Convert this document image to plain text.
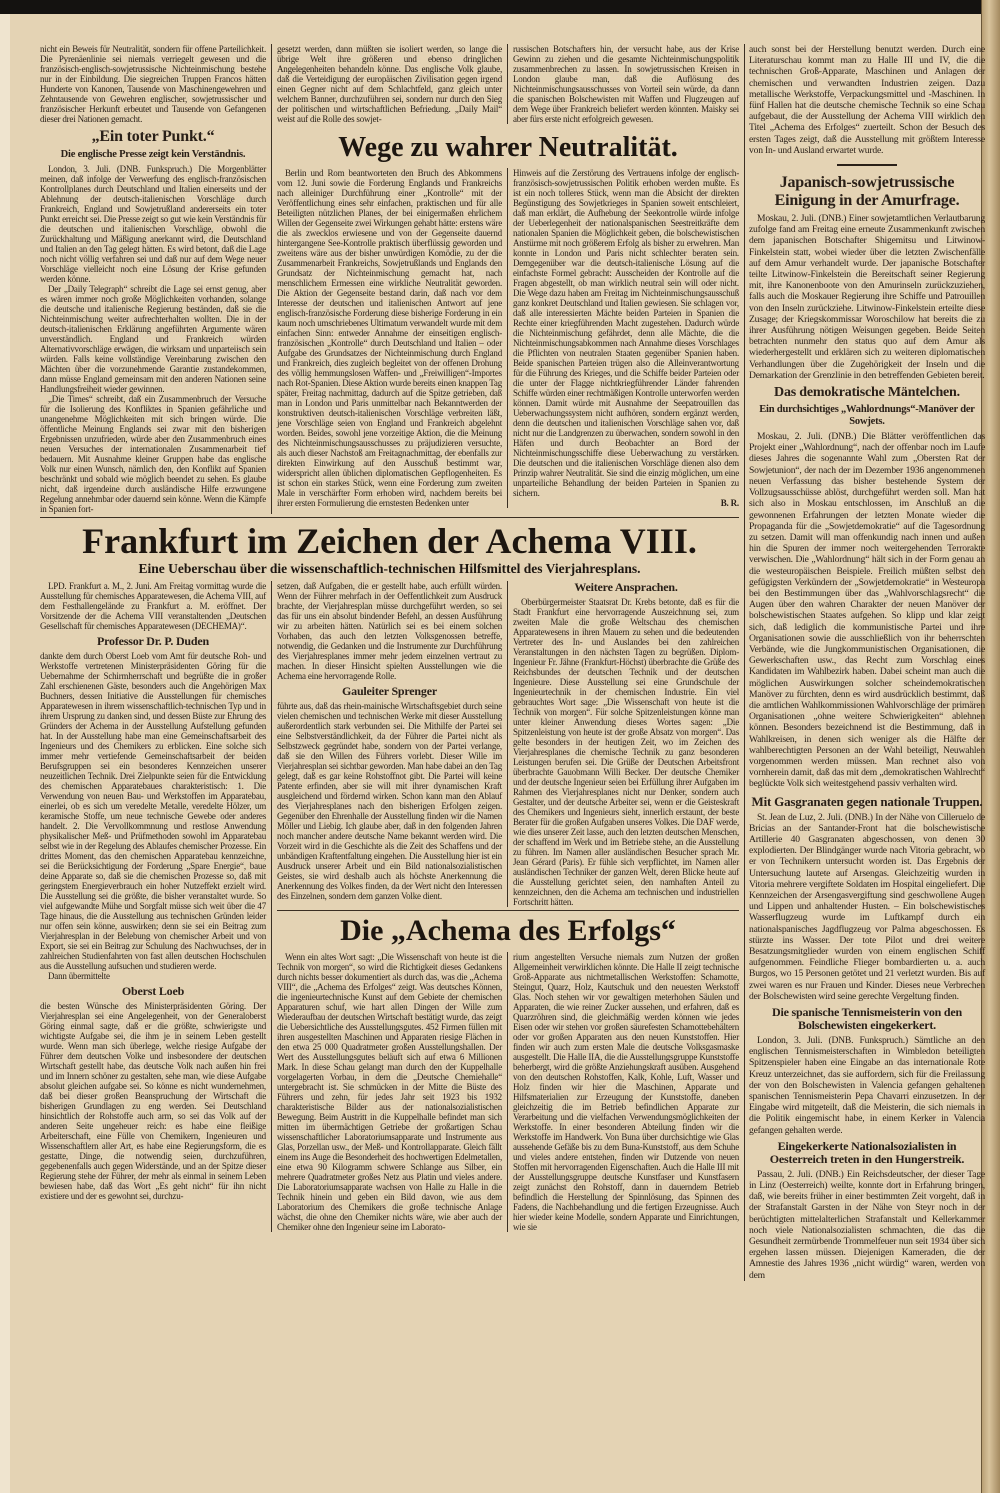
nicht ein Beweis für Neutralität, sondern für offene Parteilichkeit. Die Pyrenäenlinie sei niemals verriegelt gewesen und die französisch-englisch-sowjetrussische Nichteinmischung bestehe nur in der Einbildung. Die siegreichen Truppen Francos hätten Hunderte von Kanonen, Tausende von Maschinengewehren und Zehntausende von Gewehren englischer, sowjetrussischer und französischer Herkunft erbeutet und Tausende von Gefangenen dieser drei Nationen gemacht.

„Ein toter Punkt.“
Die englische Presse zeigt kein Verständnis.

London, 3. Juli. (DNB. Funkspruch.) Die Morgenblätter meinen, daß infolge der Verwerfung des englisch-französischen Kontrollplanes durch Deutschland und Italien einerseits und der Ablehnung der deutsch-italienischen Vorschläge durch Frankreich, England und Sowjetrußland andererseits ein toter Punkt erreicht sei. Die Presse zeigt so gut wie kein Verständnis für die deutschen und italienischen Vorschläge, obwohl die Zurückhaltung und Mäßigung anerkannt wird, die Deutschland und Italien an den Tag gelegt hätten. Es wird betont, daß die Lage noch nicht völlig verfahren sei und daß nur auf dem Wege neuer Vorschläge vielleicht noch eine Lösung der Krise gefunden werden könne.

Der „Daily Telegraph“ schreibt die Lage sei ernst genug, aber es wären immer noch große Möglichkeiten vorhanden, solange die deutsche und italienische Regierung beständen, daß sie die Nichteinmischung weiter aufrechterhalten wollten. Die in der deutsch-italienischen Erklärung angeführten Argumente wären unverständlich. England und Frankreich würden Alternativvorschläge erwägen, die wirksam und unparteiisch sein würden. Falls keine vollständige Vereinbarung zwischen den Mächten über die vorzunehmende Garantie zustandekommen, dann müsse England gemeinsam mit den anderen Nationen seine Handlungsfreiheit wieder gewinnen.

„Die Times“ schreibt, daß ein Zusammenbruch der Versuche für die Isolierung des Konfliktes in Spanien gefährliche und unangenehme Möglichkeiten mit sich bringen würde. Die öffentliche Meinung Englands sei zwar mit den bisherigen Ergebnissen unzufrieden, würde aber den Zusammenbruch eines neuen Versuches der internationalen Zusammenarbeit tief bedauern. Mit Ausnahme kleiner Gruppen habe das englische Volk nur einen Wunsch, nämlich den, den Konflikt auf Spanien beschränkt und sobald wie möglich beendet zu sehen. Es glaube nicht, daß irgendeine durch ausländische Hilfe erzwungene Regelung annehmbar oder dauernd sein könne. Wenn die Kämpfe in Spanien fort-

gesetzt werden, dann müßten sie isoliert werden, so lange die übrige Welt ihre größeren und ebenso dringlichen Angelegenheiten behandeln könne. Das englische Volk glaube, daß die Verteidigung der europäischen Zivilisation gegen irgend einen Gegner nicht auf dem Schlachtfeld, ganz gleich unter welchem Banner, durchzuführen sei, sondern nur durch den Sieg der politischen und wirtschaftlichen Befriedung. „Daily Mail“ weist auf die Rolle des sowjet-

russischen Botschafters hin, der versucht habe, aus der Krise Gewinn zu ziehen und die gesamte Nichteinmischungspolitik zusammenbrechen zu lassen. In sowjetrussischen Kreisen in London glaube man, daß die Auflösung des Nichteinmischungsausschusses von Vorteil sein würde, da dann die spanischen Bolschewisten mit Waffen und Flugzeugen auf dem Wege über Frankreich beliefert werden könnten. Maisky sei aber fürs erste nicht erfolgreich gewesen.

Wege zu wahrer Neutralität.

Berlin und Rom beantworteten den Bruch des Abkommens vom 12. Juni sowie die Forderung Englands und Frankreichs nach alleiniger Durchführung einer „Kontrolle“ mit der Veröffentlichung eines sehr einfachen, praktischen und für alle Beteiligten nützlichen Planes, der bei einigermaßen ehrlichem Willen der Gegenseite zwei Wirkungen gehabt hätte: erstens wäre die als zwecklos erwiesene und von der Gegenseite dauernd hintergangene See-Kontrolle praktisch überflüssig geworden und zweitens wäre aus der bisher unwürdigen Komödie, zu der die Zusammenarbeit Frankreichs, Sowjetrußlands und Englands den Grundsatz der Nichteinmischung gemacht hat, nach menschlichem Ermessen eine wirkliche Neutralität geworden. Die Aktion der Gegenseite bestand darin, daß nach vor dem Interesse der deutschen und italienischen Antwort auf jene englisch-französische Forderung diese bisherige Forderung in ein kaum noch umschriebenes Ultimatum verwandelt wurde mit dem einfachen Sinn: entweder Annahme der einseitigen englisch-französischen „Kontrolle“ durch Deutschland und Italien – oder Aufgabe des Grundsatzes der Nichteinmischung durch England und Frankreich, dies zugleich begleitet von der offenen Drohung des völlig hemmungslosen Waffen- und „Freiwilligen“-Importes nach Rot-Spanien. Diese Aktion wurde bereits einen knappen Tag später, Freitag nachmittag, dadurch auf die Spitze getrieben, daß man in London und Paris unmittelbar nach Bekanntwerden der konstruktiven deutsch-italienischen Vorschläge verbreiten läßt, jene Vorschläge seien von England und Frankreich abgelehnt worden. Beides, sowohl jene vorzeitige Aktion, die die Meinung des Nichteinmischungsausschusses zu präjudizieren versuchte, als auch dieser Nachstoß am Freitagnachmittag, der ebenfalls zur direkten Einwirkung auf den Ausschuß bestimmt war, widerspricht allen üblichen diplomatischen Gepflogenheiten. Es ist schon ein starkes Stück, wenn eine Forderung zum zweiten Male in verschärfter Form erhoben wird, nachdem bereits bei ihrer ersten Formulierung die ernstesten Bedenken unter

Hinweis auf die Zerstörung des Vertrauens infolge der englisch-französisch-sowjetrussischen Politik erhoben werden mußte. Es ist ein noch tolleres Stück, wenn man die Absicht der direkten Begünstigung des Sowjetkrieges in Spanien soweit entschleiert, daß man erklärt, die Aufhebung der Seekontrolle würde infolge der Ueberlegenheit der nationalspanischen Seestreitkräfte dem nationalen Spanien die Möglichkeit geben, die bolschewistischen Anstürme mit noch größerem Erfolg als bisher zu erwehren. Man konnte in London und Paris nicht schlechter beraten sein. Demgegenüber war die deutsch-italienische Lösung auf die einfachste Formel gebracht: Ausscheiden der Kontrolle auf die Fragen abgestellt, ob man wirklich neutral sein will oder nicht. Die Wege dazu haben am Freitag im Nichteinmischungsausschuß ganz konkret Deutschland und Italien gewiesen. Sie schlagen vor, daß alle interessierten Mächte beiden Parteien in Spanien die Rechte einer kriegführenden Macht zugestehen. Dadurch würde die Nichteinmischung gefährdet, denn alle Mächte, die die Nichteinmischungsabkommen nach Annahme dieses Vorschlages die Pflichten von neutralen Staaten gegenüber Spanien haben. Beide spanischen Parteien trügen also die Alleinverantwortung für die Führung des Krieges, und die Schiffe beider Parteien oder die unter der Flagge nichtkriegführender Länder fahrenden Schiffe würden einer rechtmäßigen Kontrolle unterworfen werden können. Damit würde mit Ausnahme der Seepatrouillen das Ueberwachungssystem nicht aufhören, sondern ergänzt werden, denn die deutschen und italienischen Vorschläge sahen vor, daß nicht nur die Landgrenzen zu überwachen, sondern sowohl in den Häfen und durch Beobachter an Bord der Nichteinmischungsschiffe diese Ueberwachung zu verstärken. Die deutschen und die italienischen Vorschläge dienen also dem Prinzip wahrer Neutralität. Sie sind die einzig möglichen, um eine unparteiliche Behandlung der beiden Parteien in Spanien zu sichern.

B. R.
Frankfurt im Zeichen der Achema VIII.
Eine Ueberschau über die wissenschaftlich-technischen Hilfsmittel des Vierjahresplans.

LPD. Frankfurt a. M., 2. Juni. Am Freitag vormittag wurde die Ausstellung für chemisches Apparatewesen, die Achema VIII, auf dem Festhallengelände zu Frankfurt a. M. eröffnet. Der Vorsitzende der die Achema VIII veranstaltenden „Deutschen Gesellschaft für chemisches Apparatewesen (DECHEMA)“.

Professor Dr. P. Duden

dankte dem durch Oberst Loeb vom Amt für deutsche Roh- und Werkstoffe vertretenen Ministerpräsidenten Göring für die Uebernahme der Schirmherrschaft und begrüßte die in großer Zahl erschienenen Gäste, besonders auch die Angehörigen Max Buchners, dessen Initiative die Ausstellungen für chemisches Apparatewesen in ihrem wissenschaftlich-technischen Typ und in ihrem Ursprung zu danken sind, und dessen Büste zur Ehrung des Gründers der Achema in der Ausstellung Aufstellung gefunden hat. In der Ausstellung habe man eine Gemeinschaftsarbeit des Ingenieurs und des Chemikers zu erblicken. Eine solche sich immer mehr vertiefende Gemeinschaftsarbeit der beiden Berufsgruppen sei ein besonderes Kennzeichen unserer neuzeitlichen Technik. Drei Zielpunkte seien für die Entwicklung des chemischen Apparatebaues charakteristisch: 1. Die Verwendung von neuen Bau- und Werkstoffen im Apparatebau, einerlei, ob es sich um veredelte Metalle, veredelte Hölzer, um keramische Stoffe, um neue technische Gewebe oder anderes handelt. 2. Die Vervollkommnung und restlose Anwendung physikalischer Meß- und Prüfmethoden sowohl im Apparatebau selbst wie in der Regelung des Ablaufes chemischer Prozesse. Ein drittes Moment, das den chemischen Apparatebau kennzeichne, sei die Berücksichtigung der Forderung „Spare Energie“, baue deine Apparate so, daß sie die chemischen Prozesse so, daß mit geringstem Energieverbrauch ein hoher Nutzeffekt erzielt wird. Die Ausstellung sei die größte, die bisher veranstaltet wurde. So viel aufgewandte Mühe und Sorgfalt müsse sich weit über die 47 Tage hinaus, die die Ausstellung aus technischen Gründen leider nur offen sein könne, auswirken; denn sie sei ein Beitrag zum Vierjahresplan in der Belebung von chemischer Arbeit und von Export, sie sei ein Beitrag zur Schulung des Nachwuchses, der in zahlreichen Studienfahrten von fast allen deutschen Hochschulen aus die Ausstellung aufsuchen und studieren werde.

Dann übermittelte

Oberst Loeb

die besten Wünsche des Ministerpräsidenten Göring. Der Vierjahresplan sei eine Angelegenheit, von der Generaloberst Göring einmal sagte, daß er die größte, schwierigste und wichtigste Aufgabe sei, die ihm je in seinem Leben gestellt wurde. Wenn man sich überlege, welche riesige Aufgabe der Führer dem deutschen Volke und insbesondere der deutschen Wirtschaft gestellt habe, das deutsche Volk nach außen hin frei und im Innern schöner zu gestalten, sehe man, wie diese Aufgabe absolut gleichen aufgabe sei. So könne es nicht wundernehmen, daß bei dieser großen Beanspruchung der Wirtschaft die bisherigen Grundlagen zu eng werden. Sei Deutschland hinsichtlich der Rohstoffe auch arm, so sei das Volk auf der anderen Seite ungeheuer reich: es habe eine fleißige Arbeiterschaft, eine Fülle von Chemikern, Ingenieuren und Wissenschaftlern aller Art, es habe eine Regierungsform, die es gestatte, Dinge, die notwendig seien, durchzuführen, gegebenenfalls auch gegen Widerstände, und an der Spitze dieser Regierung stehe der Führer, der mehr als einmal in seinem Leben bewiesen habe, daß das Wort „Es geht nicht“ für ihn nicht existiere und der es gewohnt sei, durchzu-

setzen, daß Aufgaben, die er gestellt habe, auch erfüllt würden. Wenn der Führer mehrfach in der Oeffentlichkeit zum Ausdruck brachte, der Vierjahresplan müsse durchgeführt werden, so sei das für uns ein absolut bindender Befehl, an dessen Ausführung wir zu arbeiten hätten. Natürlich sei es bei einem solchen Vorhaben, das auch den letzten Volksgenossen betreffe, notwendig, die Gedanken und die Instrumente zur Durchführung des Vierjahresplanes immer mehr jedem einzelnen vertraut zu machen. In dieser Hinsicht spielten Ausstellungen wie die Achema eine hervorragende Rolle.

Gauleiter Sprenger

führte aus, daß das rhein-mainische Wirtschaftsgebiet durch seine vielen chemischen und technischen Werke mit dieser Ausstellung außerordentlich stark verbunden sei. Die Mithilfe der Partei sei eine Selbstverständlichkeit, da der Führer die Partei nicht als Selbstzweck gegründet habe, sondern von der Partei verlange, daß sie den Willen des Führers vorlebt. Dieser Wille im Vierjahresplan sei sichtbar geworden. Man habe dabei an den Tag gelegt, daß es gar keine Rohstoffnot gibt. Die Partei will keine Patente erfinden, aber sie will mit ihrer dynamischen Kraft ausgleichend und fördernd wirken. Schon kann man den Ablauf des Vierjahresplanes nach den bisherigen Erfolgen zeigen. Gegenüber den Ehrenhalle der Ausstellung finden wir die Namen Möller und Liebig. Ich glaube aber, daß in den folgenden Jahren noch mancher andere deutsche Name bekannt werden wird. Die Vorzeit wird in die Geschichte als die Zeit des Schaffens und der unbändigen Kraftentfaltung eingehen. Die Ausstellung hier ist ein Ausdruck unserer Arbeit und ein Bild nationalsozialistischen Geistes, sie wird deshalb auch als höchste Anerkennung die Anerkennung des Volkes finden, da der Wert nicht den Interessen des Einzelnen, sondern dem ganzen Volke dient.

Weitere Ansprachen.

Oberbürgermeister Staatsrat Dr. Krebs betonte, daß es für die Stadt Frankfurt eine hervorragende Auszeichnung sei, zum zweiten Male die große Weltschau des chemischen Apparatewesens in ihren Mauern zu sehen und die bedeutenden Vertreter des In- und Auslandes bei den zahlreichen Veranstaltungen in den nächsten Tagen zu begrüßen. Diplom-Ingenieur Fr. Jähne (Frankfurt-Höchst) überbrachte die Grüße des Reichsbundes der deutschen Technik und der deutschen Ingenieure. Diese Ausstellung sei eine Grundschule der Ingenieurtechnik in der chemischen Industrie. Ein viel gebrauchtes Wort sage: „Die Wissenschaft von heute ist die Technik von morgen“. Für solche Spitzenleistungen könne man unter kleiner Anwendung dieses Wortes sagen: „Die Spitzenleistung von heute ist der große Absatz von morgen“. Das gelte besonders in der heutigen Zeit, wo im Zeichen des Vierjahresplanes die chemische Technik zu ganz besonderen Leistungen berufen sei. Die Grüße der Deutschen Arbeitsfront überbrachte Gauobmann Willi Becker. Der deutsche Chemiker und der deutsche Ingenieur seien bei Erfüllung ihrer Aufgaben im Rahmen des Vierjahresplanes nicht nur Denker, sondern auch Gestalter, und der deutsche Arbeiter sei, wenn er die Geisteskraft des Chemikers und Ingenieurs sieht, innerlich erstaunt, der beste Berater für die großen Aufgaben unseres Volkes. Die DAF werde, wie dies unserer Zeit lasse, auch den letzten deutschen Menschen, der schaffend im Werk und im Betriebe stehe, an die Ausstellung zu führen. Im Namen aller ausländischen Besucher sprach Mr. Jean Gérard (Paris). Er fühle sich verpflichtet, im Namen aller ausländischen Techniker der ganzen Welt, deren Blicke heute auf die Ausstellung gerichtet seien, den namhaften Anteil zu kennzeichnen, den die Achema am technischen und industriellen Fortschritt hätten.

Die „Achema des Erfolgs“

Wenn ein altes Wort sagt: „Die Wissenschaft von heute ist die Technik von morgen“, so wird die Richtigkeit dieses Gedankens durch nichts besser dokumentiert als durch das, was die „Achema VIII“, die „Achema des Erfolges“ zeigt. Was deutsches Können, die ingenieurtechnische Kunst auf dem Gebiete der chemischen Apparaturen schuf, wie hart allen Dingen der Wille zum Wiederaufbau der deutschen Wirtschaft bestätigt wurde, das zeigt die Uebersichtliche des Ausstellungsgutes. 452 Firmen füllen mit ihren ausgestellten Maschinen und Apparaten riesige Flächen in den etwa 25 000 Quadratmeter großen Ausstellungshallen. Der Wert des Ausstellungsgutes beläuft sich auf etwa 6 Millionen Mark. In diese Schau gelangt man durch den der Kuppelhalle vorgelagerten Vorbau, in dem die „Deutsche Chemiehalle“ untergebracht ist. Sie schmücken in der Mitte die Büste des Führers und zehn, für jedes Jahr seit 1923 bis 1932 charakteristische Bilder aus der nationalsozialistischen Bewegung. Beim Austritt in die Kuppelhalle befindet man sich mitten im übermächtigen Getriebe der großartigen Schau wissenschaftlicher Laboratoriumsapparate und Instrumente aus Glas, Porzellan usw., der Meß- und Kontrollapparate. Gleich fällt einem ins Auge die Besonderheit des hochwertigen Edelmetallen, eine etwa 90 Kilogramm schwere Schlange aus Silber, ein mehrere Quadratmeter großes Netz aus Platin und vieles andere. Die Laboratoriumsapparate wachsen von Halle zu Halle in die Technik hinein und geben ein Bild davon, wie aus dem Laboratorium des Chemikers die große technische Anlage wächst, die ohne den Chemiker nichts wäre, wie aber auch der Chemiker ohne den Ingenieur seine im Laborato-

rium angestellten Versuche niemals zum Nutzen der großen Allgemeinheit verwirklichen könnte. Die Halle II zeigt technische Groß-Apparate aus nichtmetallischen Werkstoffen: Schamotte, Steingut, Quarz, Holz, Kautschuk und den neuesten Werkstoff Glas. Noch stehen wir vor gewaltigen meterhohen Säulen und Apparaten, die wie reiner Zucker aussehen, und erfahren, daß es Quarzröhren sind, die gleichmäßig werden können wie jedes Eisen oder wir stehen vor großen säurefesten Schamottebehältern oder vor großen Apparaten aus den neuen Kunststoffen. Hier finden wir auch zum ersten Male die deutsche Volksgasmaske ausgestellt. Die Halle IIA, die die Ausstellungsgruppe Kunststoffe beherbergt, wird die größte Anziehungskraft ausüben. Ausgehend von den deutschen Rohstoffen, Kalk, Kohle, Luft, Wasser und Holz finden wir hier die Maschinen, Apparate und Hilfsmaterialien zur Erzeugung der Kunststoffe, daneben gleichzeitig die im Betrieb befindlichen Apparate zur Verarbeitung und die vielfachen Verwendungsmöglichkeiten der Werkstoffe. In einer besonderen Abteilung finden wir die Werkstoffe im Handwerk. Von Buna über durchsichtige wie Glas aussehende Gefäße bis zu dem Buna-Kunststoff, aus dem Schuhe und vieles andere entstehen, finden wir Dutzende von neuen Stoffen mit hervorragenden Eigenschaften. Auch die Halle III mit der Ausstellungsgruppe deutsche Kunstfaser und Kunstfasern zeigt zunächst den Rohstoff, dann in dauerndem Betrieb befindlich die Herstellung der Spinnlösung, das Spinnen des Fadens, die Nachbehandlung und die fertigen Erzeugnisse. Auch hier wieder keine Modelle, sondern Apparate und Einrichtungen, wie sie

auch sonst bei der Herstellung benutzt werden. Durch eine Literaturschau kommt man zu Halle III und IV, die die technischen Groß-Apparate, Maschinen und Anlagen der chemischen und verwandten Industrien zeigen. Dazu metallische Werkstoffe, Verpackungsmittel und -Maschinen. In fünf Hallen hat die deutsche chemische Technik so eine Schau aufgebaut, die der Ausstellung der Achema VIII wirklich den Titel „Achema des Erfolges“ zuerteilt. Schon der Besuch des ersten Tages zeigt, daß die Ausstellung mit größtem Interesse von In- und Ausland erwartet wurde.

Japanisch-sowjetrussische Einigung in der Amurfrage.

Moskau, 2. Juli. (DNB.) Einer sowjetamtlichen Verlautbarung zufolge fand am Freitag eine erneute Zusammenkunft zwischen dem japanischen Botschafter Shigemitsu und Litwinow-Finkelstein statt, wobei wieder über die letzten Zwischenfälle auf dem Amur verhandelt wurde. Der japanische Botschafter teilte Litwinow-Finkelstein die Bereitschaft seiner Regierung mit, ihre Kanonenboote von den Amurinseln zurückzuziehen, falls auch die Moskauer Regierung ihre Schiffe und Patrouillen von den Inseln zurückziehe. Litwinow-Finkelstein erteilte diese Zusage; der Kriegskommissar Woroschilow hat bereits die zu ihrer Ausführung nötigen Weisungen gegeben. Beide Seiten betrachten nunmehr den status quo auf dem Amur als wiederhergestellt und erklären sich zu weiteren diplomatischen Verhandlungen über die Zugehörigkeit der Inseln und die Demarkation der Grenzlinie in den betreffenden Gebieten bereit.

Das demokratische Mäntelchen.
Ein durchsichtiges „Wahlordnungs“-Manöver der Sowjets.

Moskau, 2. Juli. (DNB.) Die Blätter veröffentlichen das Projekt einer „Wahlordnung“, nach der offenbar noch im Laufe dieses Jahres die sogenannte Wahl zum „Obersten Rat der Sowjetunion“, der nach der im Dezember 1936 angenommenen neuen Verfassung das bisher bestehende System der Vollzugsausschüsse ablöst, durchgeführt werden soll. Man hat sich also in Moskau entschlossen, im Anschluß an die gewonnenen Erfahrungen der letzten Monate wieder die Propaganda für die „Sowjetdemokratie“ auf die Tagesordnung zu setzen. Damit will man offenkundig nach innen und außen hin die Spuren der immer noch weitergehenden Terrorakte verwischen. Die „Wahlordnung“ hält sich in der Form genau an die westeuropäischen Beispiele. Freilich müßten selbst den gefügigsten Verkündern der „Sowjetdemokratie“ in Westeuropa bei den Bestimmungen über das „Wahlvorschlagsrecht“ die Augen über den wahren Charakter der neuen Manöver der bolschewistischen Staates aufgehen. So klipp und klar zeigt sich, daß lediglich die kommunistische Partei und ihre Organisationen sowie die ausschließlich von ihr beherrschten Verbände, wie die Jungkommunistischen Organisationen, die Gewerkschaften usw., das Recht zum Vorschlag eines Kandidaten im Wahlbezirk haben. Dabei scheint man auch die möglichen Auswirkungen solcher scheindemokratischen Manöver zu fürchten, denn es wird ausdrücklich bestimmt, daß die amtlichen Wahlkommissionen Wahlvorschläge der primären Organisationen „ohne weitere Schwierigkeiten“ ablehnen können. Besonders bezeichnend ist die Bestimmung, daß in Wahlkreisen, in denen sich weniger als die Hälfte der wahlberechtigten Personen an der Wahl beteiligt, Neuwahlen vorgenommen werden müssen. Man rechnet also von vornherein damit, daß das mit dem „demokratischen Wahlrecht“ beglückte Volk sich weitestgehend passiv verhalten wird.

Mit Gasgranaten gegen nationale Truppen.

St. Jean de Luz, 2. Juli. (DNB.) In der Nähe von Cilleruelo de Bricias an der Santander-Front hat die bolschewistische Artillerie 40 Gasgranaten abgeschossen, von denen 30 explodierten. Der Blindgänger wurde nach Vitoria gebracht, wo er von Technikern untersucht worden ist. Das Ergebnis der Untersuchung lautete auf Arsengas. Gleichzeitig wurden in Vitoria mehrere vergiftete Soldaten im Hospital eingeliefert. Die Kennzeichen der Arsengasvergiftung sind geschwollene Augen und Lippen und anhaltender Husten. – Ein bolschewistisches Wasserflugzeug wurde im Luftkampf durch ein nationalspanisches Jagdflugzeug vor Palma abgeschossen. Es stürzte ins Wasser. Der tote Pilot und drei weitere Besatzungsmitglieder wurden von einem englischen Schiff aufgenommen. Feindliche Flieger bombardierten u. a. auch Burgos, wo 15 Personen getötet und 21 verletzt wurden. Bis auf zwei waren es nur Frauen und Kinder. Dieses neue Verbrechen der Bolschewisten wird seine gerechte Vergeltung finden.

Die spanische Tennismeisterin von den Bolschewisten eingekerkert.

London, 3. Juli. (DNB. Funkspruch.) Sämtliche an den englischen Tennismeisterschaften in Wimbledon beteiligten Spitzenspieler haben eine Eingabe an das internationale Rote Kreuz unterzeichnet, das sie auffordern, sich für die Freilassung der von den Bolschewisten in Valencia gefangen gehaltenen spanischen Tennismeisterin Pepa Chavarri einzusetzen. In der Eingabe wird mitgeteilt, daß die Meisterin, die sich niemals in die Politik eingemischt habe, in einem Kerker in Valencia gefangen gehalten werde.

Eingekerkerte Nationalsozialisten in Oesterreich treten in den Hungerstreik.

Passau, 2. Juli. (DNB.) Ein Reichsdeutscher, der dieser Tage in Linz (Oesterreich) weilte, konnte dort in Erfahrung bringen, daß, wie bereits früher in einer bestimmten Zeit vorgeht, daß in der Strafanstalt Garsten in der Nähe von Steyr noch in der berüchtigten mittelalterlichen Strafanstalt und Kellerkammer noch viele Nationalsozialisten schmachten, die das die Gesundheit zermürbende Trommelfeuer nun seit 1934 über sich ergehen lassen müssen. Diejenigen Kameraden, die der Amnestie des Jahres 1936 „nicht würdig“ waren, werden von dem
